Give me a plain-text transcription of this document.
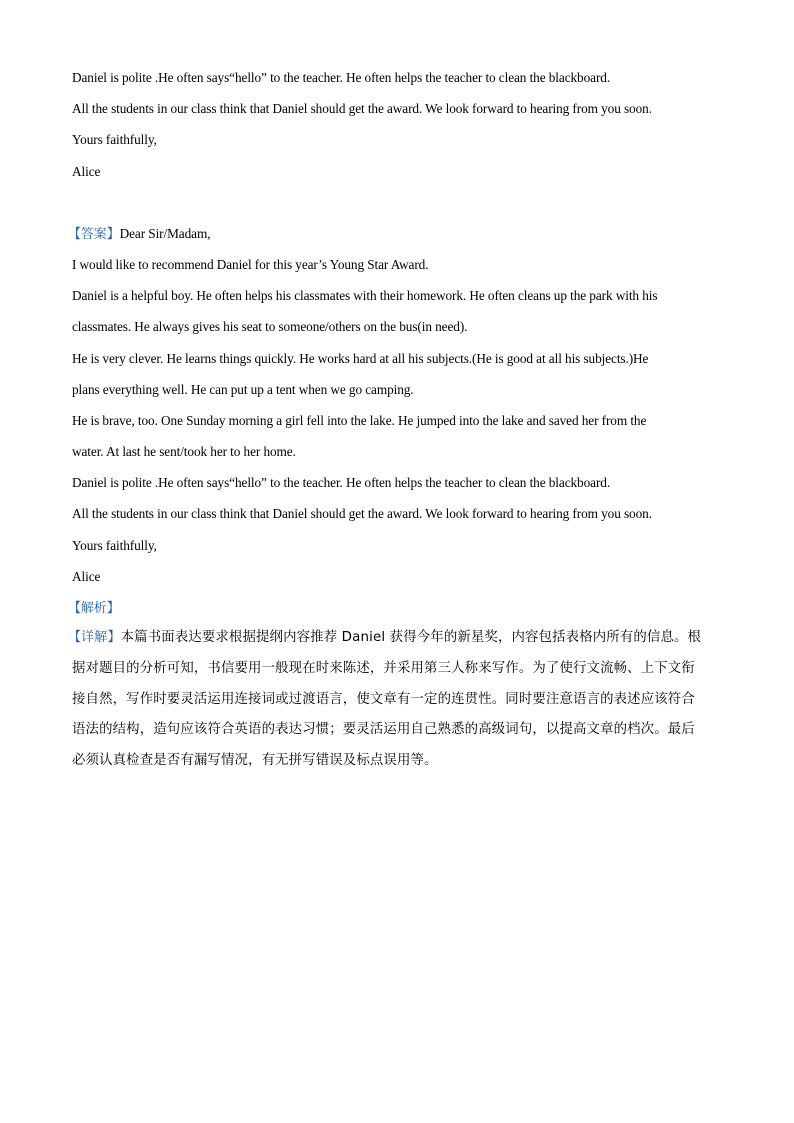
Daniel is polite .He often says“hello” to the teacher. He often helps the teacher to clean the blackboard.
All the students in our class think that Daniel should get the award. We look forward to hearing from you soon.
Yours faithfully,
Alice
【答案】Dear Sir/Madam,
I would like to recommend Daniel for this year’s Young Star Award.
Daniel is a helpful boy. He often helps his classmates with their homework. He often cleans up the park with his
classmates. He always gives his seat to someone/others on the bus(in need).
He is very clever. He learns things quickly. He works hard at all his subjects.(He is good at all his subjects.)He
plans everything well. He can put up a tent when we go camping.
He is brave, too. One Sunday morning a girl fell into the lake. He jumped into the lake and saved her from the
water. At last he sent/took her to her home.
Daniel is polite .He often says“hello” to the teacher. He often helps the teacher to clean the blackboard.
All the students in our class think that Daniel should get the award. We look forward to hearing from you soon.
Yours faithfully,
Alice
【解析】
【详解】本篇书面表达要求根据提纲内容推荐 Daniel 获得今年的新星奖，内容包括表格内所有的信息。根
据对题目的分析可知，书信要用一般现在时来陈述，并采用第三人称来写作。为了使行文流畅、上下文衔
接自然，写作时要灵活运用连接词或过渡语言，使文章有一定的连贯性。同时要注意语言的表述应该符合
语法的结构，造句应该符合英语的表达习惯；要灵活运用自己熟悉的高级词句，以提高文章的档次。最后
必须认真检查是否有漏写情况，有无拼写错误及标点误用等。
